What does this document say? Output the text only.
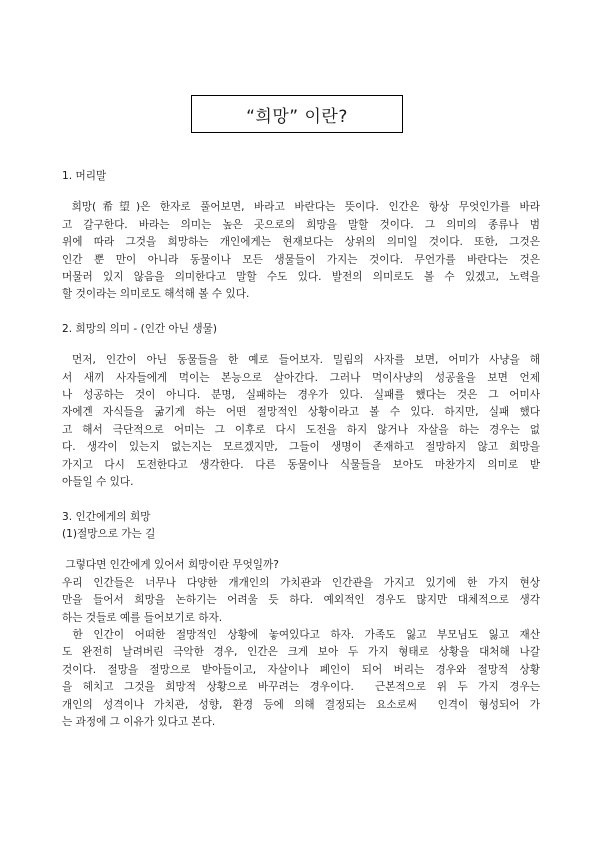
“희망” 이란?

1. 머리말

희망(希望)은 한자로 풀어보면, 바라고 바란다는 뜻이다. 인간은 항상 무엇인가를 바라
고 갈구한다. 바라는 의미는 높은 곳으로의 희망을 말할 것이다. 그 의미의 종류나 범
위에 따라 그것을 희망하는 개인에게는 현재보다는 상위의 의미일 것이다. 또한, 그것은
인간 뿐 만이 아니라 동물이나 모든 생물들이 가지는 것이다. 무언가를 바란다는 것은
머물러 있지 않음을 의미한다고 말할 수도 있다. 발전의 의미로도 볼 수 있겠고, 노력을
할 것이라는 의미로도 해석해 볼 수 있다.

2. 희망의 의미 - (인간 아닌 생물)

먼저, 인간이 아닌 동물들을 한 예로 들어보자. 밀림의 사자를 보면, 어미가 사냥을 해
서 새끼 사자들에게 먹이는 본능으로 살아간다. 그러나 먹이사냥의 성공율을 보면 언제
나 성공하는 것이 아니다. 분명, 실패하는 경우가 있다. 실패를 했다는 것은 그 어미사
자에겐 자식들을 굶기게 하는 어떤 절망적인 상황이라고 볼 수 있다. 하지만, 실패 했다
고 해서 극단적으로 어미는 그 이후로 다시 도전을 하지 않거나 자살을 하는 경우는 없
다. 생각이 있는지 없는지는 모르겠지만, 그들이 생명이 존재하고 절망하지 않고 희망을
가지고 다시 도전한다고 생각한다. 다른 동물이나 식물들을 보아도 마찬가지 의미로 받
아들일 수 있다.

3. 인간에게의 희망

(1)절망으로 가는 길

그렇다면 인간에게 있어서 희망이란 무엇일까?
우리 인간들은 너무나 다양한 개개인의 가치관과 인간관을 가지고 있기에 한 가지 현상
만을 들어서 희망을 논하기는 어려울 듯 하다. 예외적인 경우도 많지만 대체적으로 생각
하는 것들로 예를 들어보기로 하자.

한 인간이 어떠한 절망적인 상황에 놓여있다고 하자. 가족도 잃고 부모님도 잃고 재산
도 완전히 날려버린 극악한 경우, 인간은 크게 보아 두 가지 형태로 상황을 대처해 나갈
것이다. 절망을 절망으로 받아들이고, 자살이나 폐인이 되어 버리는 경우와 절망적 상황
을 헤치고 그것을 희망적 상황으로 바꾸려는 경우이다.  근본적으로 위 두 가지 경우는
개인의 성격이나 가치관, 성향, 환경 등에 의해 결정되는 요소로써  인격이 형성되어 가
는 과정에 그 이유가 있다고 본다.
